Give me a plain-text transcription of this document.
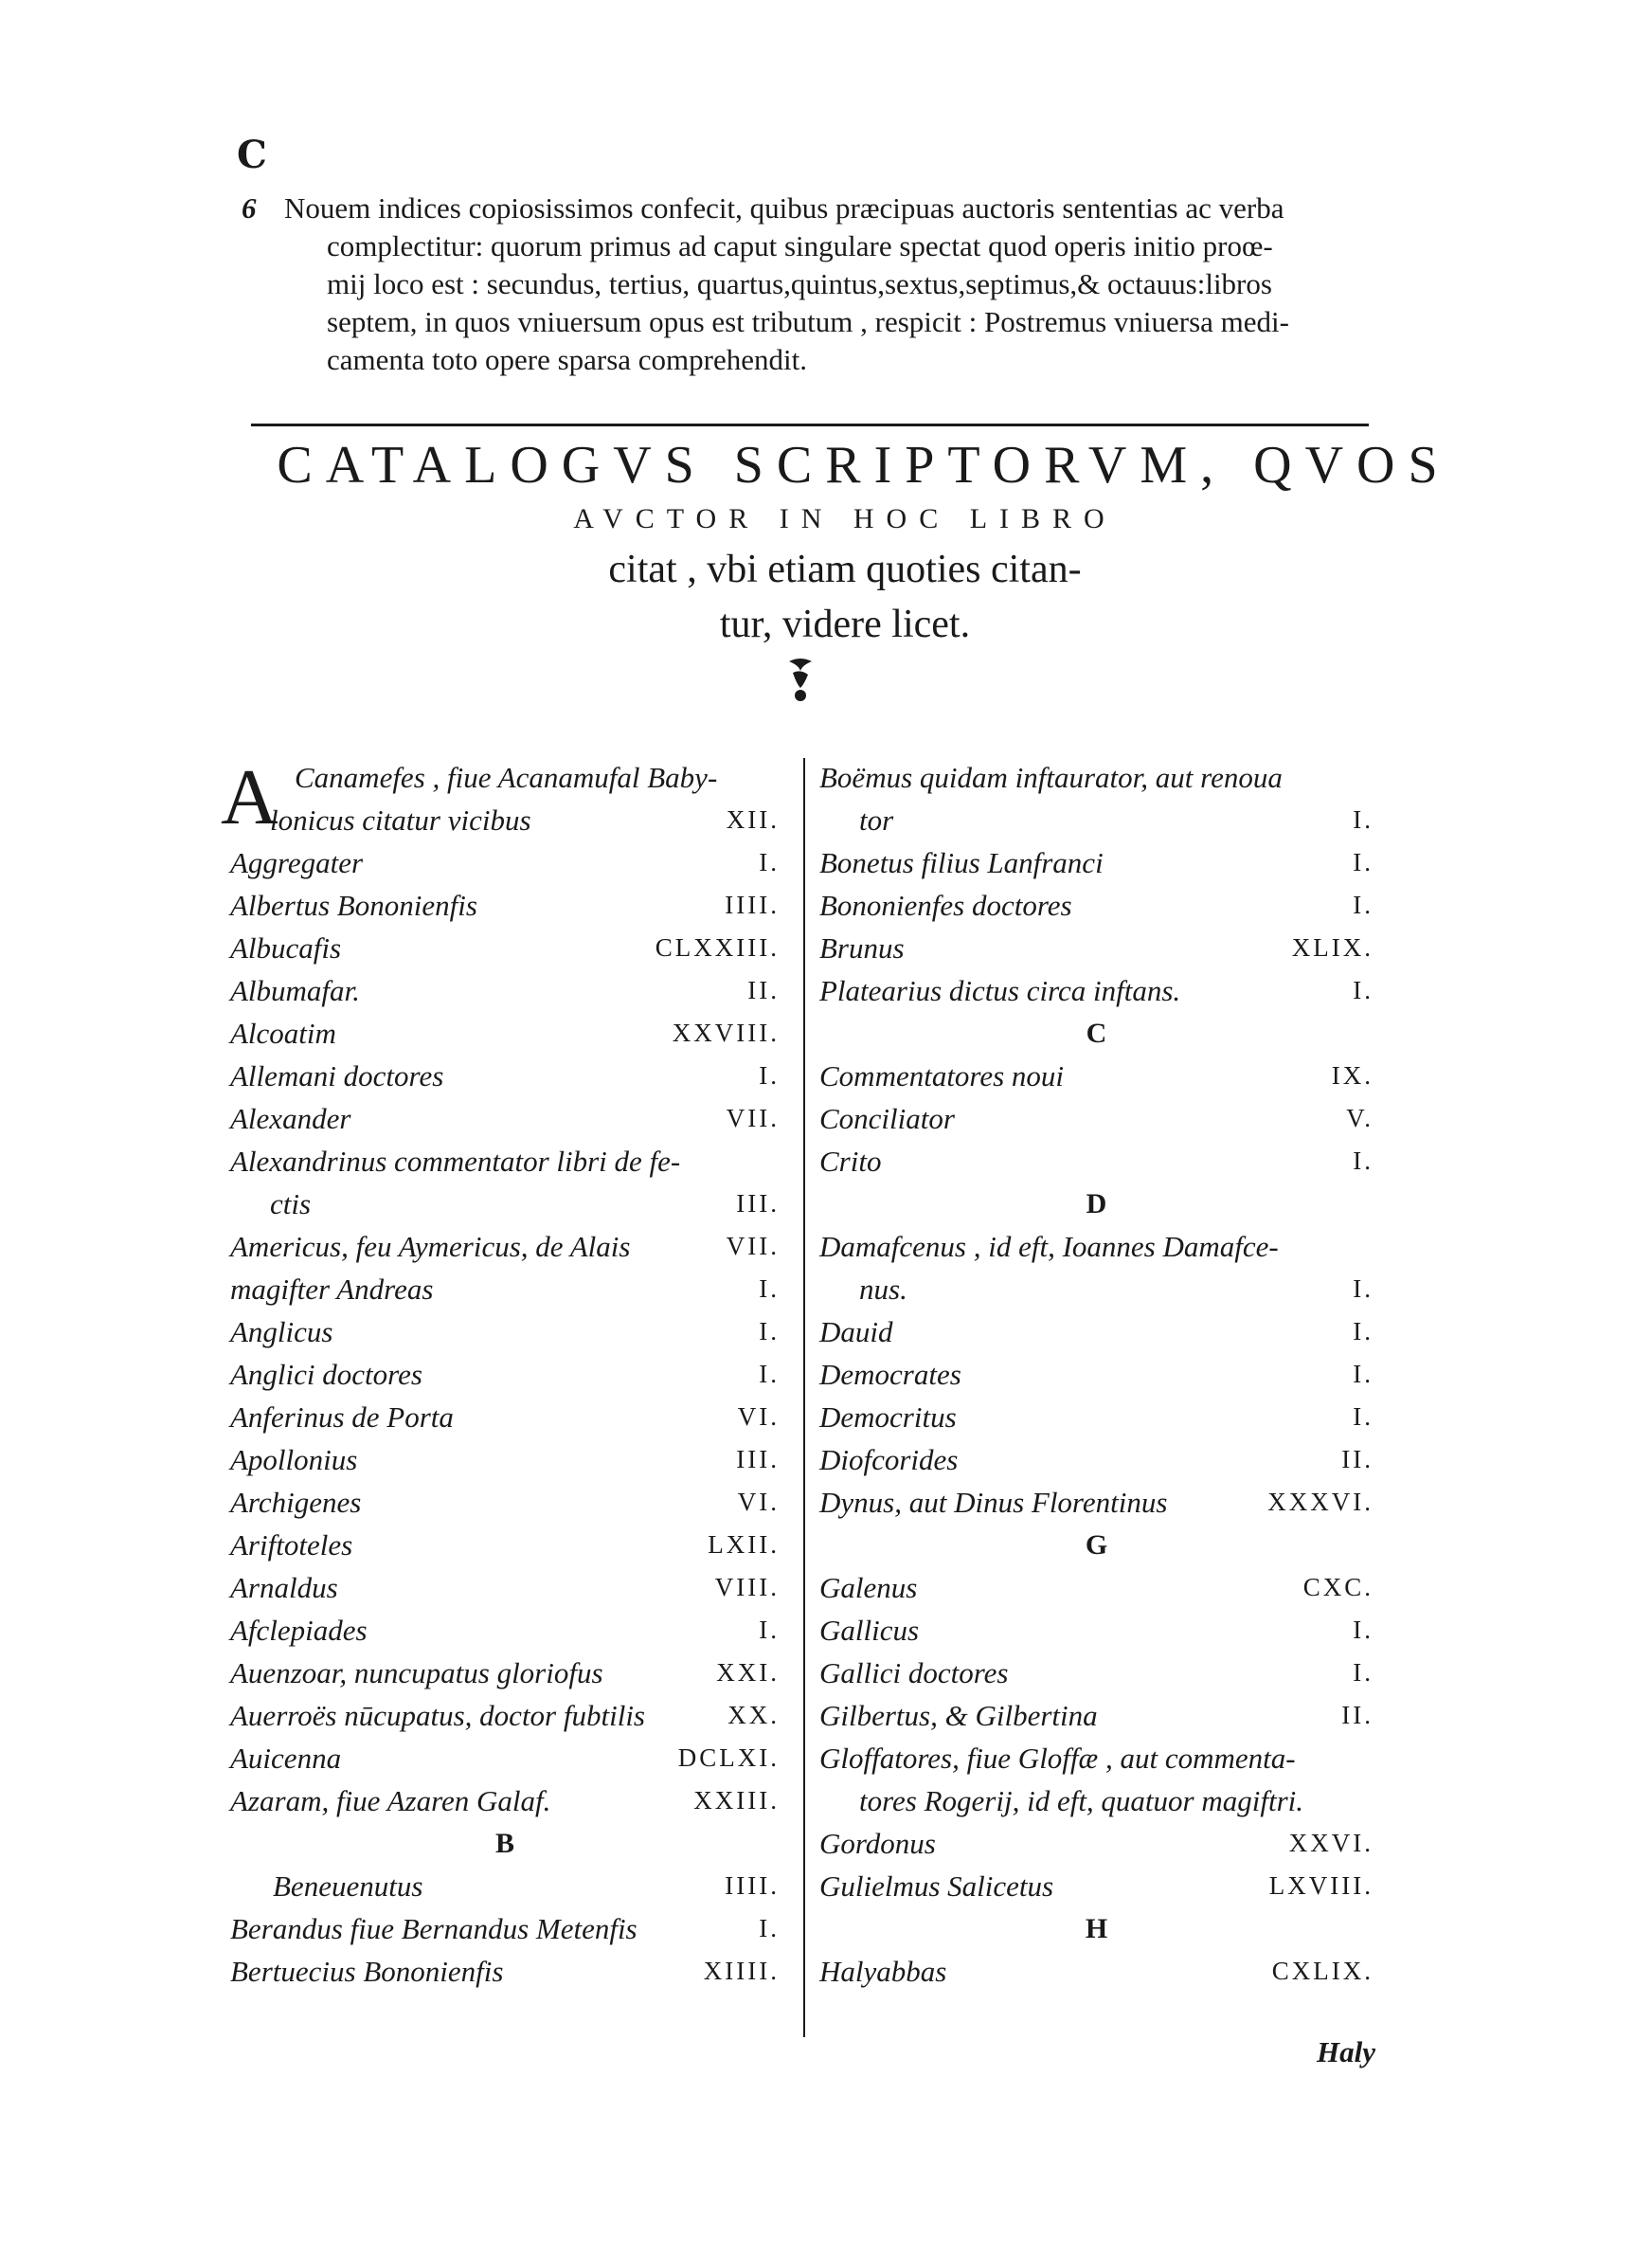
C
6 Nouem indices copiosissimos confecit, quibus præcipuas auctoris sententias ac verba
complectitur: quorum primus ad caput singulare spectat quod operis initio proœ-
mij loco est : secundus, tertius, quartus,quintus,sextus,septimus,& octauus:libros
septem, in quos vniuersum opus est tributum , respicit : Postremus vniuersa medi-
camenta toto opere sparsa comprehendit.
CATALOGVS SCRIPTORVM, QVOS
AVCTOR IN HOC LIBRO
citat , vbi etiam quoties citan-
tur, videre licet.
A Canamefes , fiue Acanamufal Baby-
lonicus citatur vicibus	XII.
Aggregater	I.
Albertus Bononienfis	IIII.
Albucafis	CLXXIII.
Albumafar.	II.
Alcoatim	XXVIII.
Allemani doctores	I.
Alexander	VII.
Alexandrinus commentator libri de fe-
ctis	III.
Americus, feu Aymericus, de Alais	VII.
magifter Andreas	I.
Anglicus	I.
Anglici doctores	I.
Anferinus de Porta	VI.
Apollonius	III.
Archigenes	VI.
Ariftoteles	LXII.
Arnaldus	VIII.
Afclepiades	I.
Auenzoar, nuncupatus gloriofus	XXI.
Auerroës nūcupatus, doctor fubtilis	XX.
Auicenna	DCLXI.
Azaram, fiue Azaren Galaf.	XXIII.
B
Beneuenutus	IIII.
Berandus fiue Bernandus Metenfis	I.
Bertuecius Bononienfis	XIIII.
Boëmus quidam inftaurator, aut renoua
tor	I.
Bonetus filius Lanfranci	I.
Bononienfes doctores	I.
Brunus	XLIX.
Platearius dictus circa inftans.	I.
C
Commentatores noui	IX.
Conciliator	V.
Crito	I.
D
Damafcenus , id eft, Ioannes Damafce-
nus.	I.
Dauid	I.
Democrates	I.
Democritus	I.
Diofcorides	II.
Dynus, aut Dinus Florentinus	XXXVI.
G
Galenus	CXC.
Gallicus	I.
Gallici doctores	I.
Gilbertus, & Gilbertina	II.
Gloffatores, fiue Gloffæ , aut commenta-
tores Rogerij, id eft, quatuor magiftri.
Gordonus	XXVI.
Gulielmus Salicetus	LXVIII.
H
Halyabbas	CXLIX.
Haly
